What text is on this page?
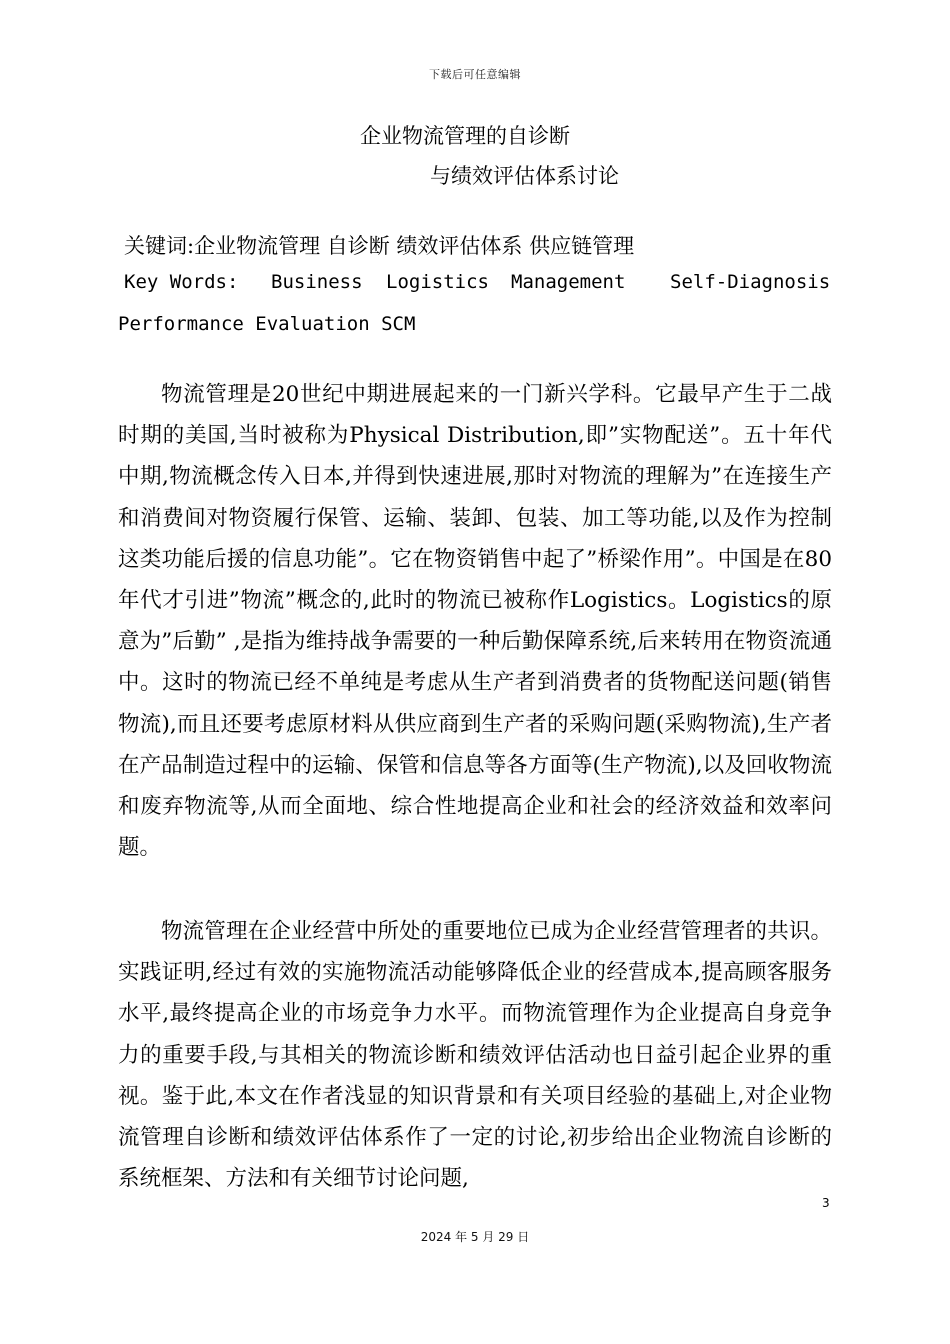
下载后可任意编辑
企业物流管理的自诊断
与绩效评估体系讨论
关键词:企业物流管理 自诊断 绩效评估体系 供应链管理
Key Words: Business Logistics Management Self-Diagnosis
Performance Evaluation SCM

物流管理是20世纪中期进展起来的一门新兴学科。它最早产生于二战时期的美国,当时被称为Physical Distribution,即”实物配送”。五十年代中期,物流概念传入日本,并得到快速进展,那时对物流的理解为”在连接生产和消费间对物资履行保管、运输、装卸、包装、加工等功能,以及作为控制这类功能后援的信息功能”。它在物资销售中起了”桥梁作用”。中国是在80年代才引进”物流”概念的,此时的物流已被称作Logistics。Logistics的原意为”后勤” ,是指为维持战争需要的一种后勤保障系统,后来转用在物资流通中。这时的物流已经不单纯是考虑从生产者到消费者的货物配送问题(销售物流),而且还要考虑原材料从供应商到生产者的采购问题(采购物流),生产者在产品制造过程中的运输、保管和信息等各方面等(生产物流),以及回收物流和废弃物流等,从而全面地、综合性地提高企业和社会的经济效益和效率问题。

物流管理在企业经营中所处的重要地位已成为企业经营管理者的共识。实践证明,经过有效的实施物流活动能够降低企业的经营成本,提高顾客服务水平,最终提高企业的市场竞争力水平。而物流管理作为企业提高自身竞争力的重要手段,与其相关的物流诊断和绩效评估活动也日益引起企业界的重视。鉴于此,本文在作者浅显的知识背景和有关项目经验的基础上,对企业物流管理自诊断和绩效评估体系作了一定的讨论,初步给出企业物流自诊断的系统框架、方法和有关细节讨论问题,

3
2024 年 5 月 29 日
